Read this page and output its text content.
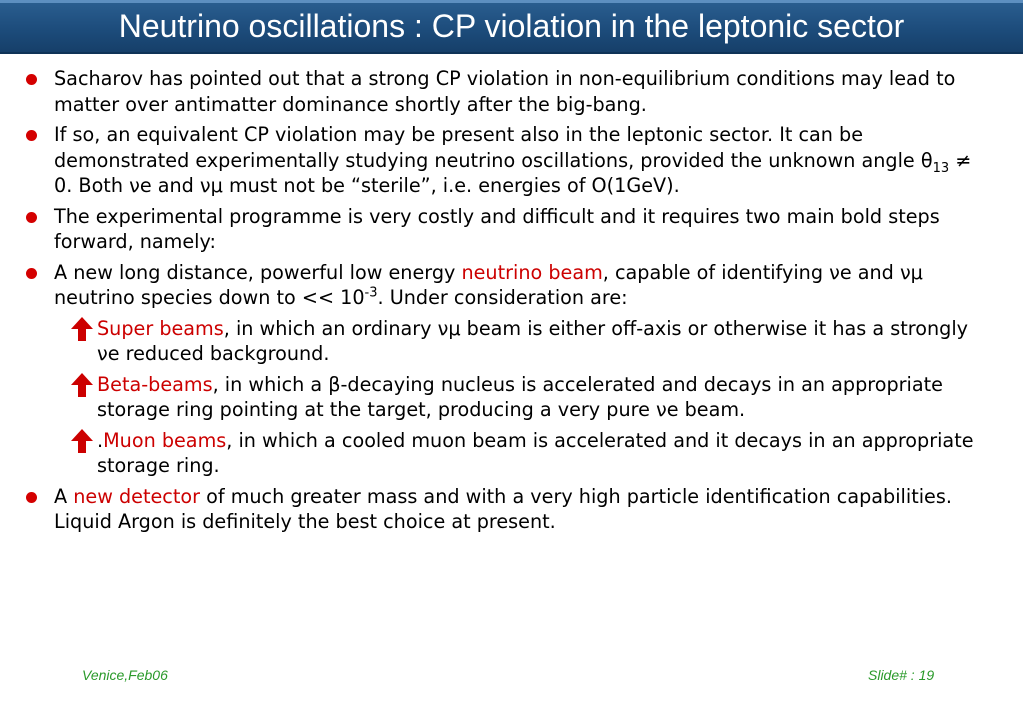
Neutrino oscillations : CP violation in the leptonic sector
Sacharov has pointed out that a strong CP violation in non-equilibrium conditions may lead to matter over antimatter dominance shortly after the big-bang.
If so, an equivalent CP violation may be present also in the leptonic sector. It can be demonstrated experimentally studying neutrino oscillations, provided the unknown angle $\theta_{13} \ne 0$. Both νe and νμ must not be “sterile”, i.e. energies of O(1GeV).
The experimental programme is very costly and difficult and it requires two main bold steps forward, namely:
A new long distance, powerful low energy neutrino beam, capable of identifying νe and νμ neutrino species down to << $10^{-3}$. Under consideration are:
Super beams, in which an ordinary νμ beam is either off-axis or otherwise it has a strongly νe reduced background.
Beta-beams, in which a β-decaying nucleus is accelerated and decays in an appropriate storage ring pointing at the target, producing a very pure νe beam.
.Muon beams, in which a cooled muon beam is accelerated and it decays in an appropriate storage ring.
A new detector of much greater mass and with a very high particle identification capabilities. Liquid Argon is definitely the best choice at present.
Venice,Feb06	Slide# : 19
